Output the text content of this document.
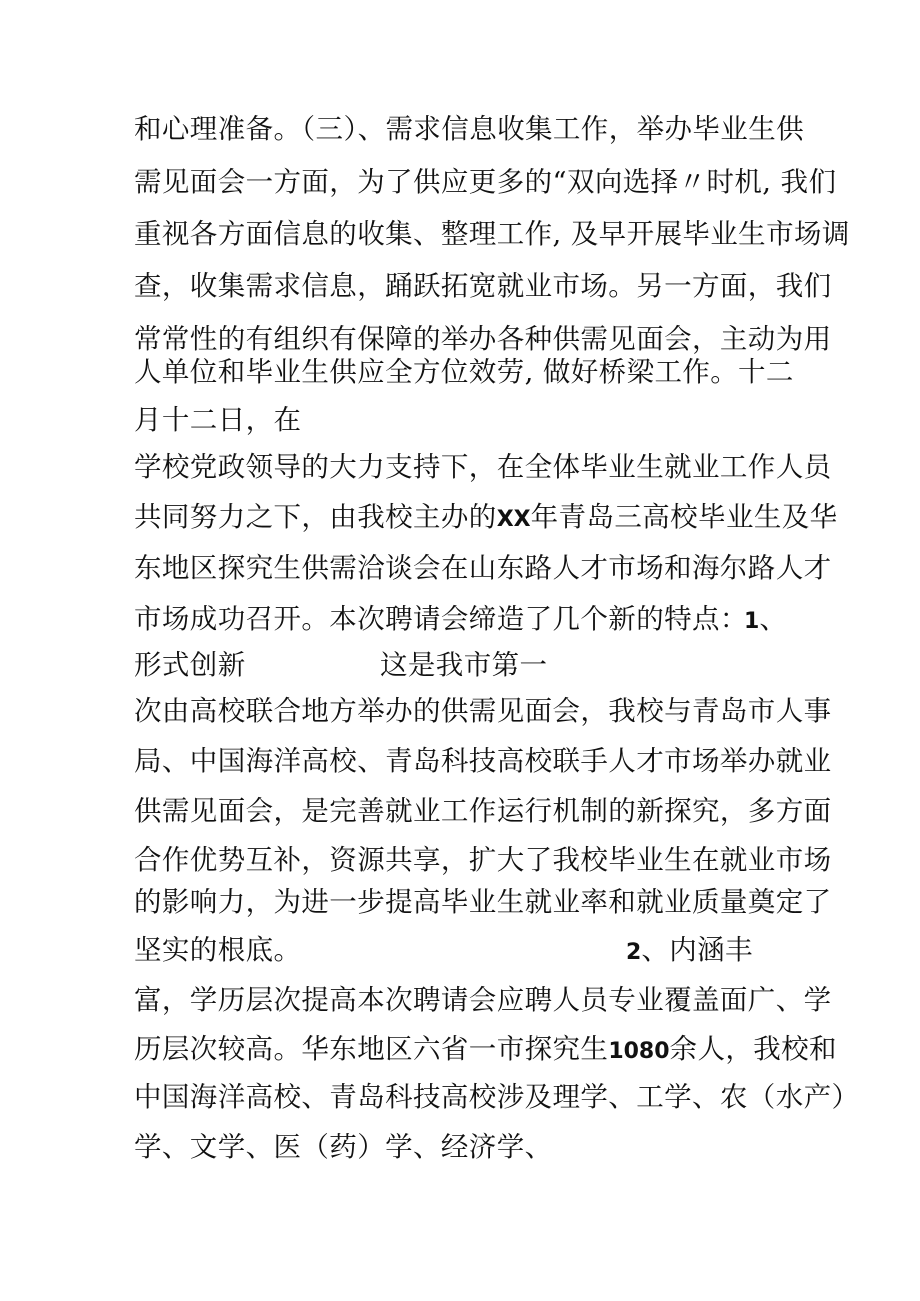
和心理准备。（三）、需求信息收集工作，举办毕业生供
需见面会一方面，为了供应更多的“双向选择〃时机, 我们
重视各方面信息的收集、整理工作, 及早开展毕业生市场调
查，收集需求信息，踊跃拓宽就业市场。另一方面，我们
常常性的有组织有保障的举办各种供需见面会，主动为用
人单位和毕业生供应全方位效劳, 做好桥梁工作。 十二
月十二日，在
学校党政领导的大力支持下，在全体毕业生就业工作人员
共同努力之下，由我校主办的XX年青岛三高校毕业生及华
东地区探究生供需洽谈会在山东路人才市场和海尔路人才
市场成功召开。本次聘请会缔造了几个新的特点：
1、
形式创新	这是我市第一
次由高校联合地方举办的供需见面会，我校与青岛市人事
局、中国海洋高校、青岛科技高校联手人才市场举办就业
供需见面会，是完善就业工作运行机制的新探究，多方面
合作优势互补，资源共享，扩大了我校毕业生在就业市场
的影响力，为进一步提高毕业生就业率和就业质量奠定了
坚实的根底。	2、内涵丰
富，学历层次提高本次聘请会应聘人员专业覆盖面广、学
历层次较高。华东地区六省一市探究生1080余人，我校和
中国海洋高校、青岛科技高校涉及理学、工学、农（水产）
学、文学、医（药）学、经济学、
